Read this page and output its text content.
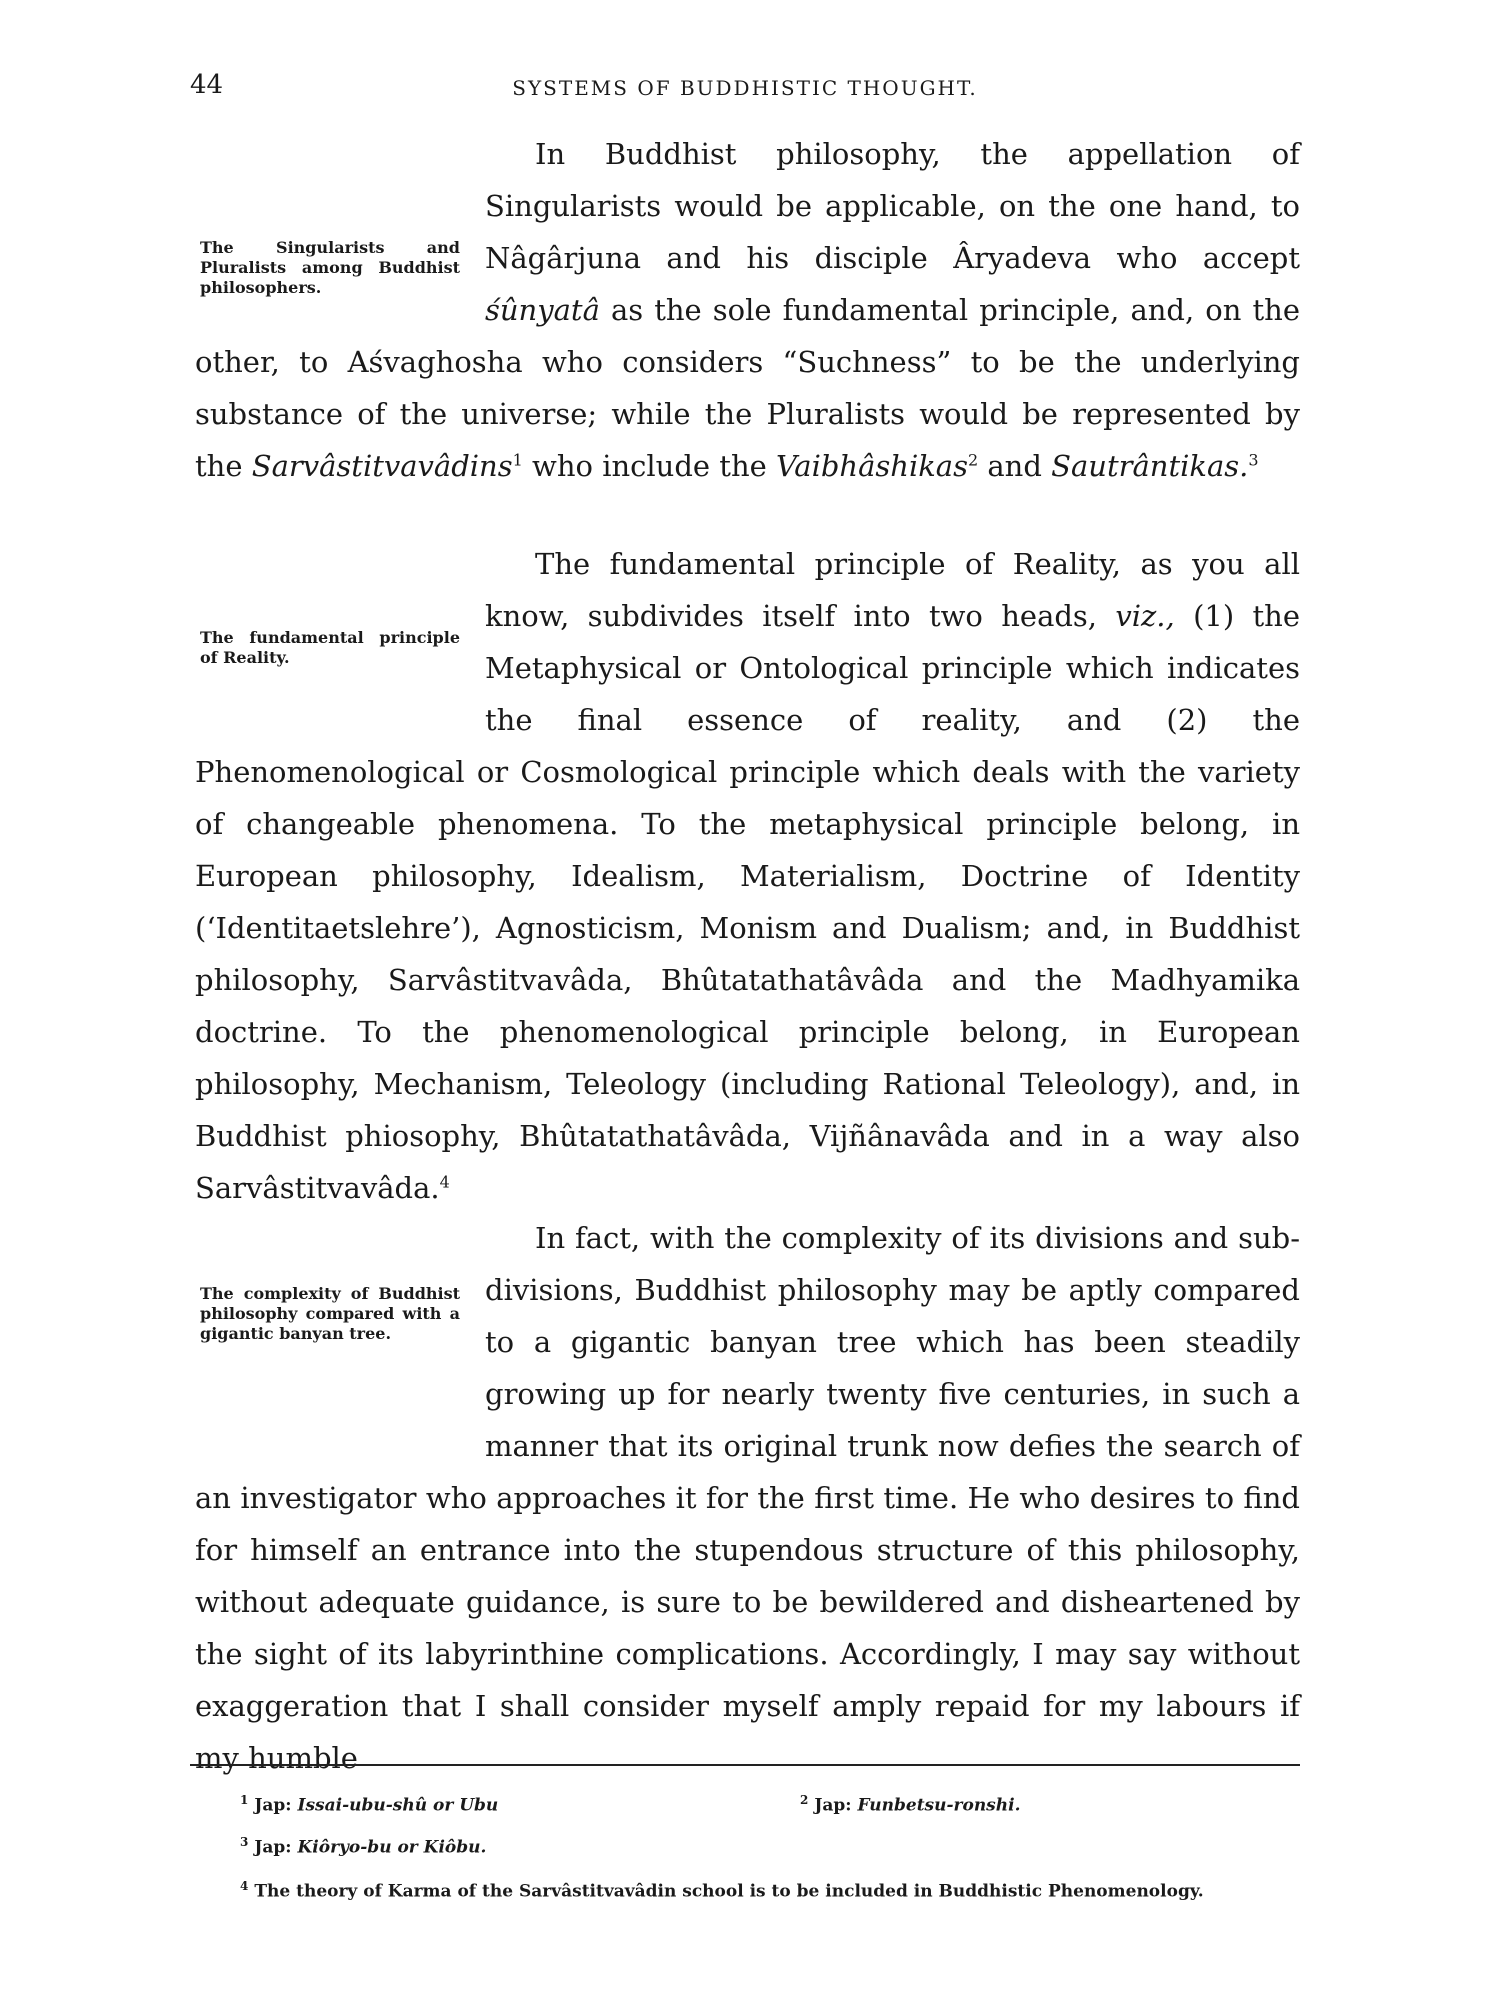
44	SYSTEMS OF BUDDHISTIC THOUGHT.
In Buddhist philosophy, the appellation of Singularists would be applicable, on the one hand, to Nâgârjuna and his disciple Âryadeva who accept śûnyatâ as the sole fundamental principle, and, on the other, to Aśvaghosha who considers “Suchness” to be the underlying substance of the universe; while the Pluralists would be represented by the Sarvâstitvavâdins$^1$ who include the Vaibhâshikas$^2$ and Sautrântikas.$^3$
The Singularists and Pluralists among Buddhist philosophers.
The fundamental principle of Reality, as you all know, subdivides itself into two heads, viz., (1) the Metaphysical or Ontological principle which indicates the final essence of reality, and (2) the Phenomenological or Cosmological principle which deals with the variety of changeable phenomena. To the metaphysical principle belong, in European philosophy, Idealism, Materialism, Doctrine of Identity (‘Identitaetslehre’), Agnosticism, Monism and Dualism; and, in Buddhist philosophy, Sarvâstitvavâda, Bhûtatathatâvâda and the Madhyamika doctrine. To the phenomenological principle belong, in European philosophy, Mechanism, Teleology (including Rational Teleology), and, in Buddhist phiosophy, Bhûtatathatâvâda, Vijñânavâda and in a way also Sarvâstitvavâda.$^4$
The fundamental principle of Reality.
In fact, with the complexity of its divisions and sub-divisions, Buddhist philosophy may be aptly compared to a gigantic banyan tree which has been steadily growing up for nearly twenty five centuries, in such a manner that its original trunk now defies the search of an investigator who approaches it for the first time. He who desires to find for himself an entrance into the stupendous structure of this philosophy, without adequate guidance, is sure to be bewildered and disheartened by the sight of its labyrinthine complications. Accordingly, I may say without exaggeration that I shall consider myself amply repaid for my labours if my humble
The complexity of Buddhist philosophy compared with a gigantic banyan tree.
$^1$ Jap: Issai-ubu-shû or Ubu	$^2$ Jap: Funbetsu-ronshi.
$^3$ Jap: Kiôryo-bu or Kiôbu.
$^4$ The theory of Karma of the Sarvâstitvavâdin school is to be included in Buddhistic Phenomenology.
